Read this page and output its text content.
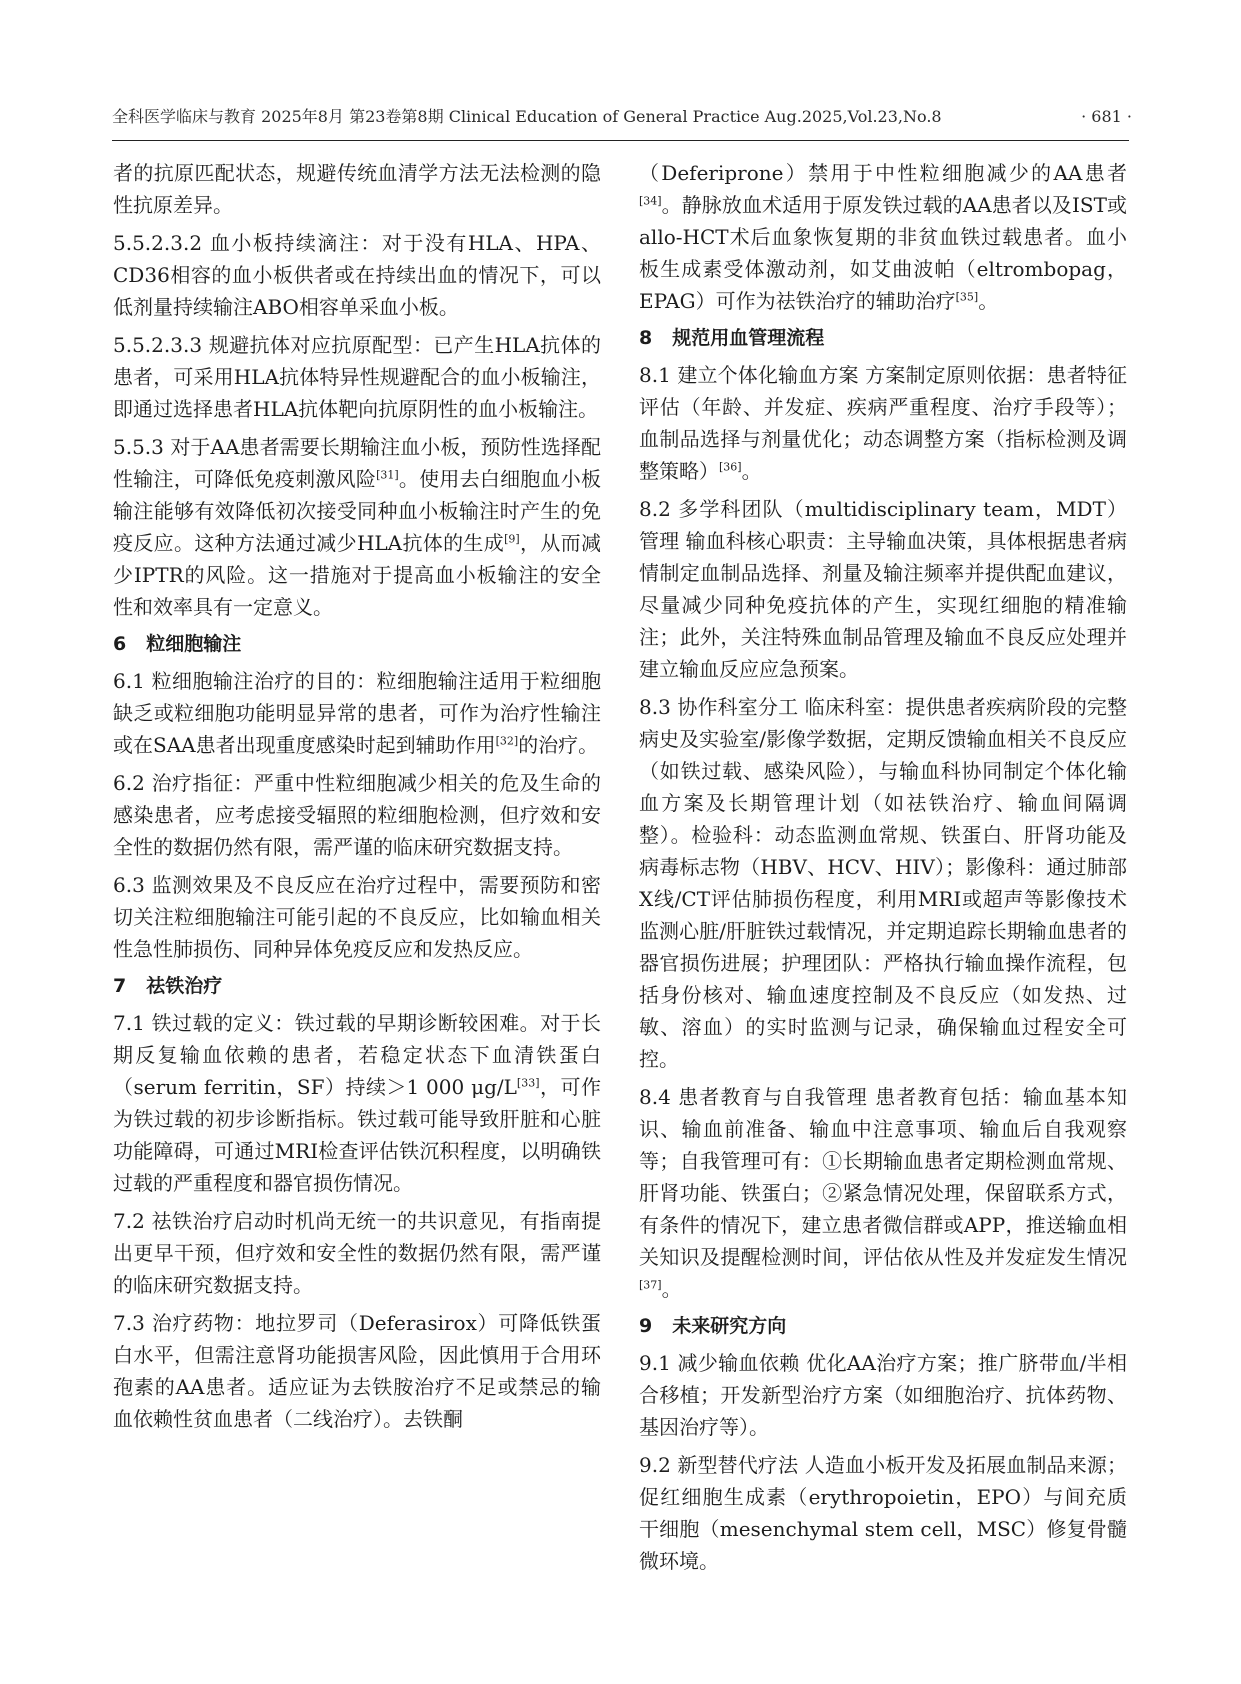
全科医学临床与教育 2025年8月 第23卷第8期 Clinical Education of General Practice Aug.2025,Vol.23,No.8	· 681 ·

者的抗原匹配状态，规避传统血清学方法无法检测的隐性抗原差异。

5.5.2.3.2 血小板持续滴注：对于没有HLA、HPA、CD36相容的血小板供者或在持续出血的情况下，可以低剂量持续输注ABO相容单采血小板。

5.5.2.3.3 规避抗体对应抗原配型：已产生HLA抗体的患者，可采用HLA抗体特异性规避配合的血小板输注，即通过选择患者HLA抗体靶向抗原阴性的血小板输注。

5.5.3 对于AA患者需要长期输注血小板，预防性选择配性输注，可降低免疫刺激风险[31]。使用去白细胞血小板输注能够有效降低初次接受同种血小板输注时产生的免疫反应。这种方法通过减少HLA抗体的生成[9]，从而减少IPTR的风险。这一措施对于提高血小板输注的安全性和效率具有一定意义。

6 粒细胞输注

6.1 粒细胞输注治疗的目的：粒细胞输注适用于粒细胞缺乏或粒细胞功能明显异常的患者，可作为治疗性输注或在SAA患者出现重度感染时起到辅助作用[32]的治疗。

6.2 治疗指征：严重中性粒细胞减少相关的危及生命的感染患者，应考虑接受辐照的粒细胞检测，但疗效和安全性的数据仍然有限，需严谨的临床研究数据支持。

6.3 监测效果及不良反应在治疗过程中，需要预防和密切关注粒细胞输注可能引起的不良反应，比如输血相关性急性肺损伤、同种异体免疫反应和发热反应。

7 祛铁治疗

7.1 铁过载的定义：铁过载的早期诊断较困难。对于长期反复输血依赖的患者，若稳定状态下血清铁蛋白（serum ferritin，SF）持续＞1 000 μg/L[33]，可作为铁过载的初步诊断指标。铁过载可能导致肝脏和心脏功能障碍，可通过MRI检查评估铁沉积程度，以明确铁过载的严重程度和器官损伤情况。

7.2 祛铁治疗启动时机尚无统一的共识意见，有指南提出更早干预，但疗效和安全性的数据仍然有限，需严谨的临床研究数据支持。

7.3 治疗药物：地拉罗司（Deferasirox）可降低铁蛋白水平，但需注意肾功能损害风险，因此慎用于合用环孢素的AA患者。适应证为去铁胺治疗不足或禁忌的输血依赖性贫血患者（二线治疗）。去铁酮

（Deferiprone）禁用于中性粒细胞减少的AA患者[34]。静脉放血术适用于原发铁过载的AA患者以及IST或allo-HCT术后血象恢复期的非贫血铁过载患者。血小板生成素受体激动剂，如艾曲波帕（eltrombopag，EPAG）可作为祛铁治疗的辅助治疗[35]。

8 规范用血管理流程

8.1 建立个体化输血方案 方案制定原则依据：患者特征评估（年龄、并发症、疾病严重程度、治疗手段等）；血制品选择与剂量优化；动态调整方案（指标检测及调整策略）[36]。

8.2 多学科团队（multidisciplinary team，MDT）管理 输血科核心职责：主导输血决策，具体根据患者病情制定血制品选择、剂量及输注频率并提供配血建议，尽量减少同种免疫抗体的产生，实现红细胞的精准输注；此外，关注特殊血制品管理及输血不良反应处理并建立输血反应应急预案。

8.3 协作科室分工 临床科室：提供患者疾病阶段的完整病史及实验室/影像学数据，定期反馈输血相关不良反应（如铁过载、感染风险），与输血科协同制定个体化输血方案及长期管理计划（如祛铁治疗、输血间隔调整）。检验科：动态监测血常规、铁蛋白、肝肾功能及病毒标志物（HBV、HCV、HIV）；影像科：通过肺部X线/CT评估肺损伤程度，利用MRI或超声等影像技术监测心脏/肝脏铁过载情况，并定期追踪长期输血患者的器官损伤进展；护理团队：严格执行输血操作流程，包括身份核对、输血速度控制及不良反应（如发热、过敏、溶血）的实时监测与记录，确保输血过程安全可控。

8.4 患者教育与自我管理 患者教育包括：输血基本知识、输血前准备、输血中注意事项、输血后自我观察等；自我管理可有：①长期输血患者定期检测血常规、肝肾功能、铁蛋白；②紧急情况处理，保留联系方式，有条件的情况下，建立患者微信群或APP，推送输血相关知识及提醒检测时间，评估依从性及并发症发生情况[37]。

9 未来研究方向

9.1 减少输血依赖 优化AA治疗方案；推广脐带血/半相合移植；开发新型治疗方案（如细胞治疗、抗体药物、基因治疗等）。

9.2 新型替代疗法 人造血小板开发及拓展血制品来源；促红细胞生成素（erythropoietin，EPO）与间充质干细胞（mesenchymal stem cell，MSC）修复骨髓微环境。
